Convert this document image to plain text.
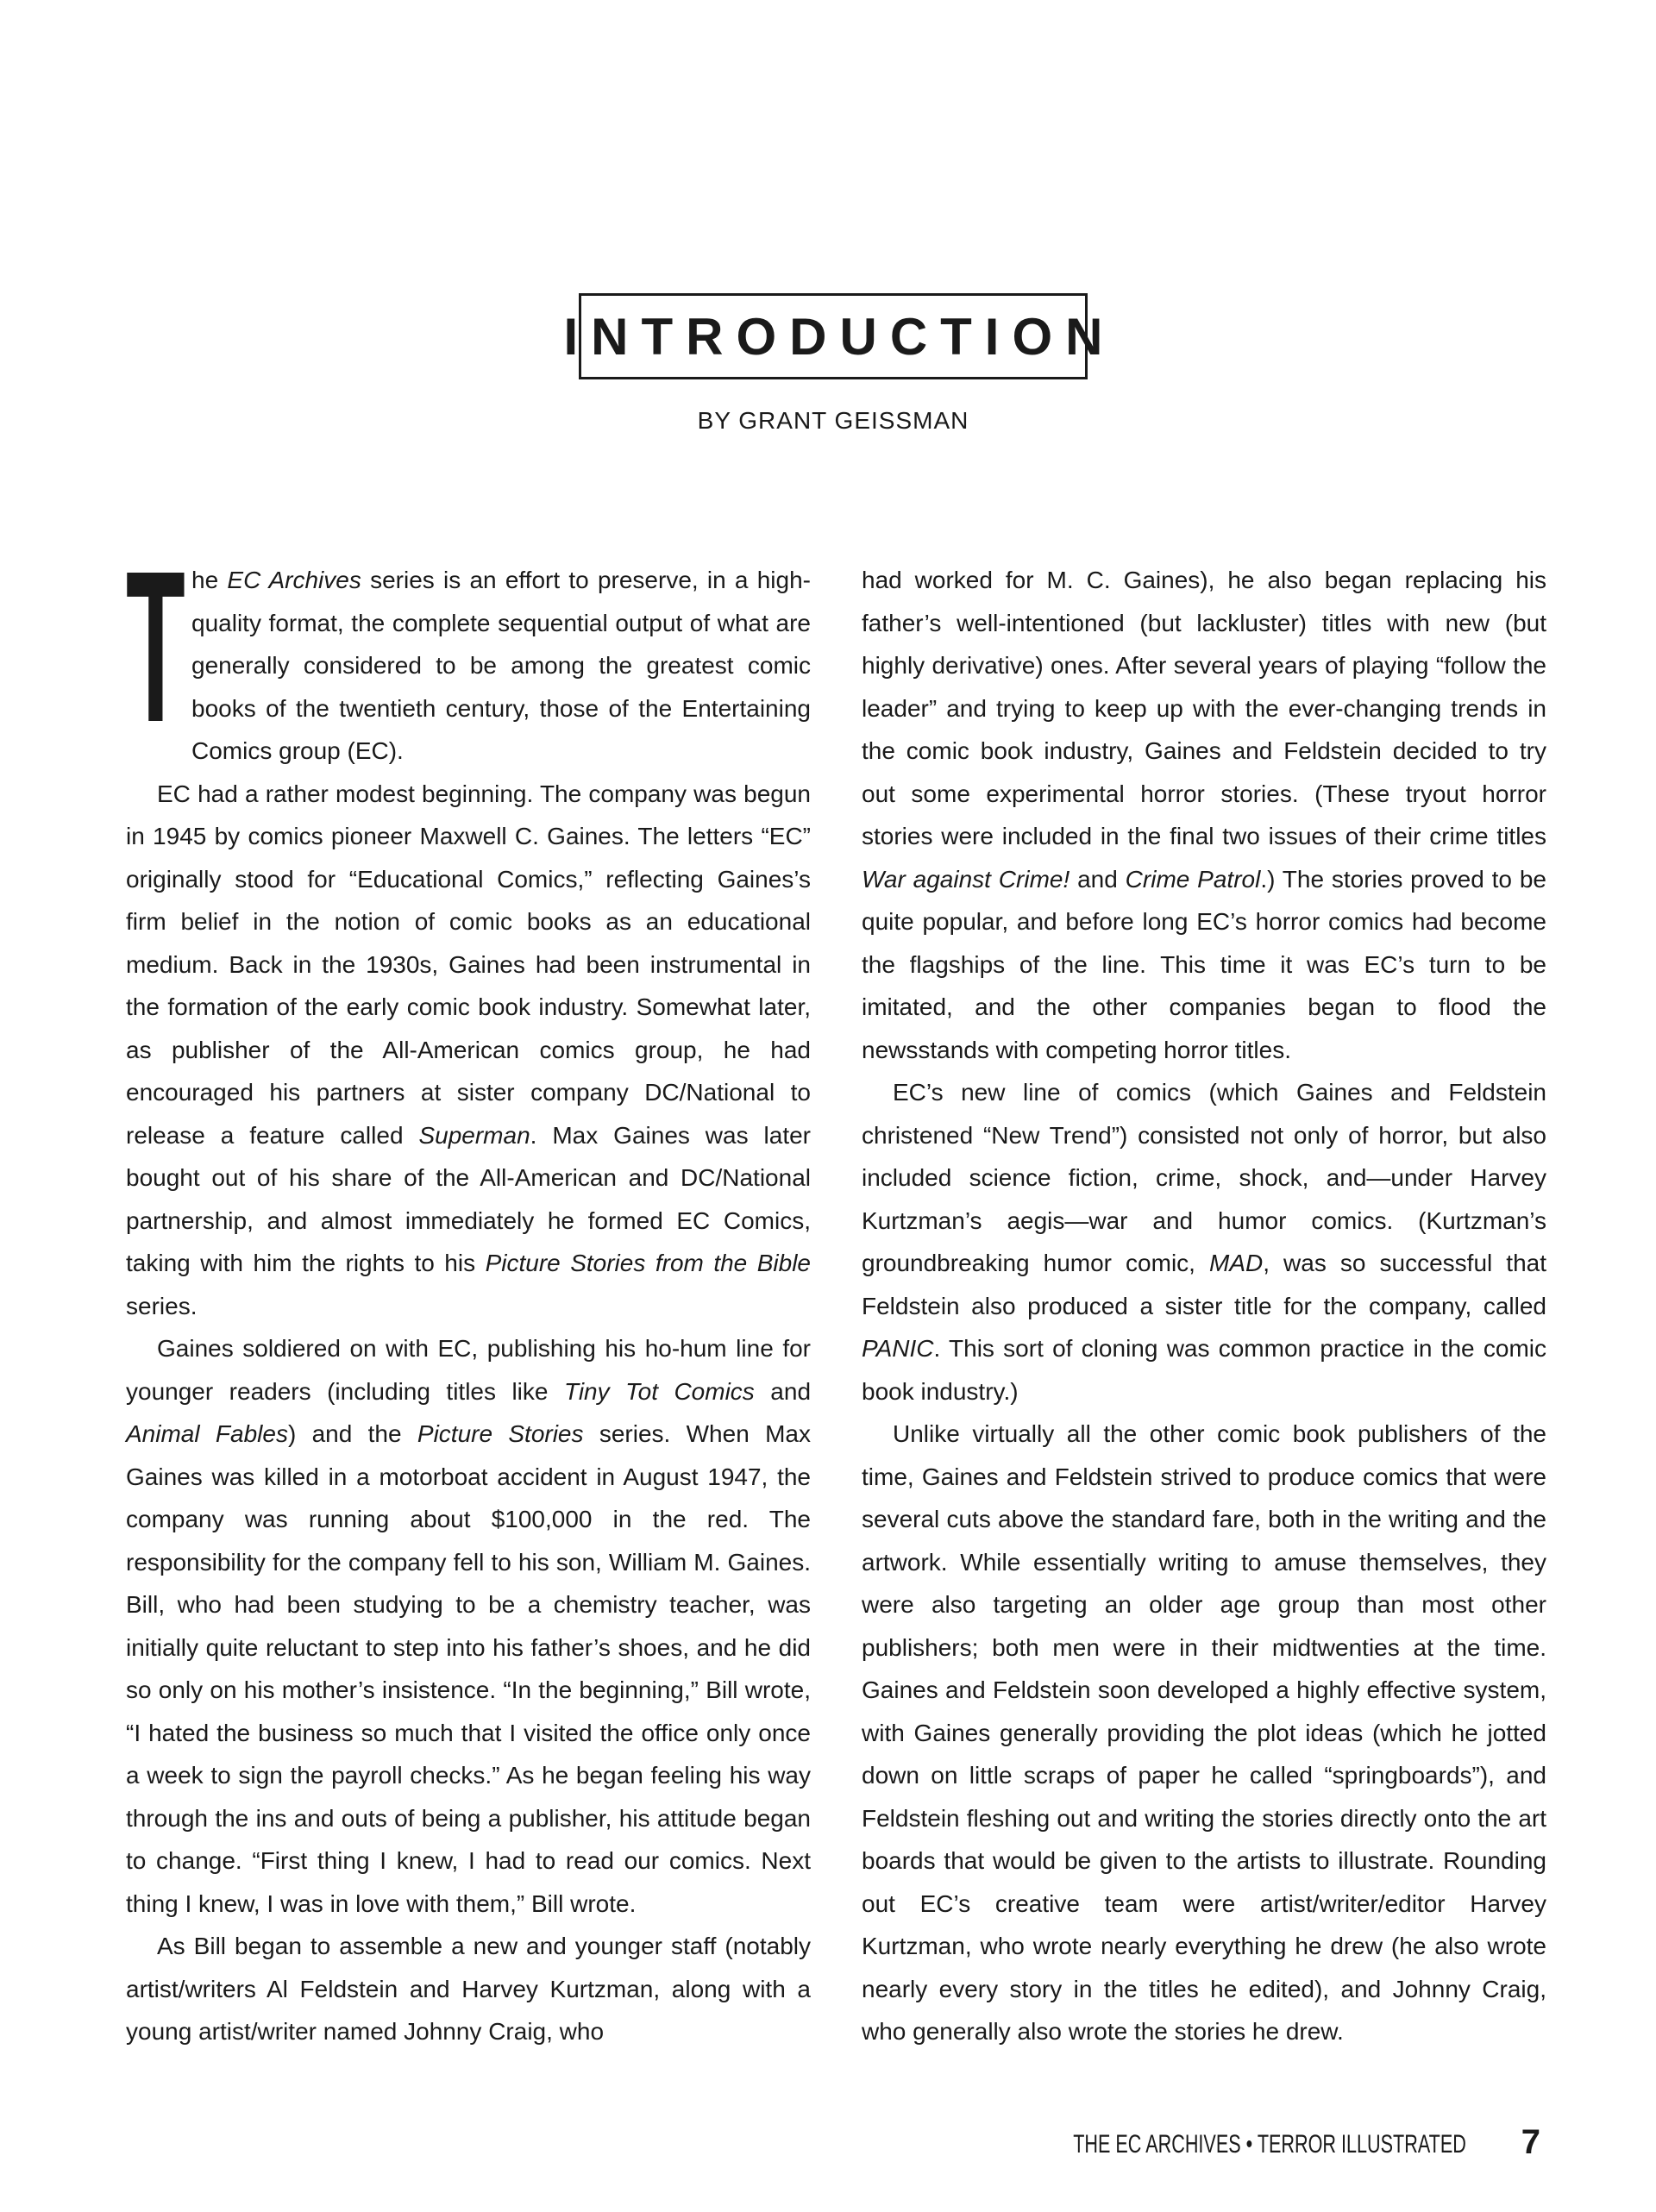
INTRODUCTION
BY GRANT GEISSMAN

The EC Archives series is an effort to preserve, in a high-quality format, the complete sequential output of what are generally considered to be among the greatest comic books of the twentieth century, those of the Entertaining Comics group (EC).

EC had a rather modest beginning. The company was begun in 1945 by comics pioneer Maxwell C. Gaines. The letters “EC” originally stood for “Educational Comics,” reflecting Gaines’s firm belief in the notion of comic books as an educational medium. Back in the 1930s, Gaines had been instrumental in the formation of the early comic book industry. Somewhat later, as publisher of the All-American comics group, he had encouraged his partners at sister company DC/National to release a feature called Superman. Max Gaines was later bought out of his share of the All-American and DC/National partnership, and almost immediately he formed EC Comics, taking with him the rights to his Picture Stories from the Bible series.

Gaines soldiered on with EC, publishing his ho-hum line for younger readers (including titles like Tiny Tot Comics and Animal Fables) and the Picture Stories series. When Max Gaines was killed in a motorboat accident in August 1947, the company was running about $100,000 in the red. The responsibility for the company fell to his son, William M. Gaines. Bill, who had been studying to be a chemistry teacher, was initially quite reluctant to step into his father’s shoes, and he did so only on his mother’s insistence. “In the beginning,” Bill wrote, “I hated the business so much that I visited the office only once a week to sign the payroll checks.” As he began feeling his way through the ins and outs of being a publisher, his attitude began to change. “First thing I knew, I had to read our comics. Next thing I knew, I was in love with them,” Bill wrote.

As Bill began to assemble a new and younger staff (notably artist/writers Al Feldstein and Harvey Kurtzman, along with a young artist/writer named Johnny Craig, who

had worked for M. C. Gaines), he also began replacing his father’s well-intentioned (but lackluster) titles with new (but highly derivative) ones. After several years of playing “follow the leader” and trying to keep up with the ever-changing trends in the comic book industry, Gaines and Feldstein decided to try out some experimental horror stories. (These tryout horror stories were included in the final two issues of their crime titles War against Crime! and Crime Patrol.) The stories proved to be quite popular, and before long EC’s horror comics had become the flagships of the line. This time it was EC’s turn to be imitated, and the other companies began to flood the newsstands with competing horror titles.

EC’s new line of comics (which Gaines and Feldstein christened “New Trend”) consisted not only of horror, but also included science fiction, crime, shock, and—under Harvey Kurtzman’s aegis—war and humor comics. (Kurtzman’s groundbreaking humor comic, MAD, was so successful that Feldstein also produced a sister title for the company, called PANIC. This sort of cloning was common practice in the comic book industry.)

Unlike virtually all the other comic book publishers of the time, Gaines and Feldstein strived to produce comics that were several cuts above the standard fare, both in the writing and the artwork. While essentially writing to amuse themselves, they were also targeting an older age group than most other publishers; both men were in their midtwenties at the time. Gaines and Feldstein soon developed a highly effective system, with Gaines generally providing the plot ideas (which he jotted down on little scraps of paper he called “springboards”), and Feldstein fleshing out and writing the stories directly onto the art boards that would be given to the artists to illustrate. Rounding out EC’s creative team were artist/writer/editor Harvey Kurtzman, who wrote nearly everything he drew (he also wrote nearly every story in the titles he edited), and Johnny Craig, who generally also wrote the stories he drew.

THE EC ARCHIVES • TERROR ILLUSTRATED 7
